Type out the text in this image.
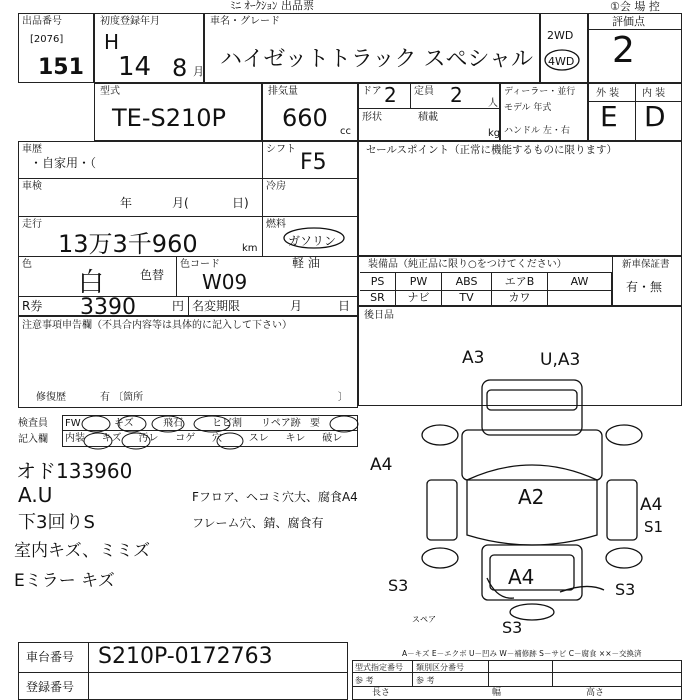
ﾐﾆ ｵｰｸｼｮﾝ 出品票	①会 場 控
出品番号
[2076]
151
初度登録年月
H
14 8 月
車名・グレード
ハイゼットトラック スペシャル
2WD
4WD
評価点
2
型式
TE-S210P
排気量
660 cc
ドア 2 定員 2	人
形状	積載
kg
ディーラー・並行
モデル 年式
ハンドル 左・右
外 装 内 装
E D
車歴
・自家用・（
シフト
F5
車検
年	月(	日)
冷房
走行
13万3千960	km
燃料
ガソリン
軽 油
色
白	色替
色コード
W09
R券 3390	円 名変期限	月	日
セールスポイント（正常に機能するものに限ります）
装備品（純正品に限り○をつけてください）	新車保証書
有・無
PS	PW	ABS	エアB	AW
SR	ナビ	TV	カワ
後日品
注意事項申告欄（不具合内容等は具体的に記入して下さい）
修復歴	有 〔箇所	〕
検査員
記入欄
FW	キズ	飛石	ヒビ割 リペア跡 要
内装 キズ 汚レ コゲ 穴	スレ キレ 破レ
オド133960
A.U
下3回りS
室内キズ、ミミズ
Eミラー キズ
Fフロア、ヘコミ穴大、腐食A4
フレーム穴、錆、腐食有
スペア
A3	U,A3
A4
A2	A4
S1
A4
S3	S3
S3
車台番号 S210P-0172763
登録番号
A－キズ E－エクボ U－凹み W－補修跡 S－サビ C－腐食 ××－交換済
型式指定番号 類別区分番号
参 考	参 考
長さ	幅	高さ
